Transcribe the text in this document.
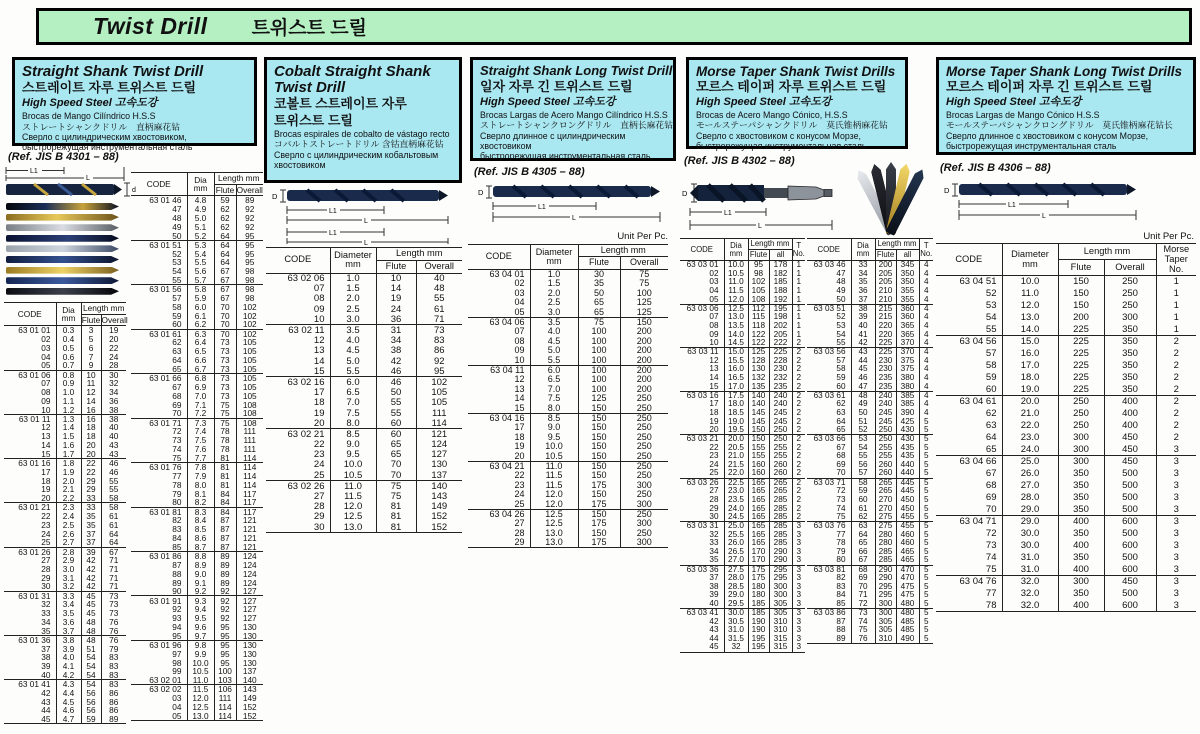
Twist Drill 트위스트 드릴
Straight Shank Twist Drill
스트레이트 자루 트위스트 드릴
High Speed Steel 고속도강
Brocas de Mango Cilíndrico H.S.S
ストレートシャンクドリル　直柄麻花钻
Сверло с цилиндрическим хвостовиком,
быстрорежущая инструментальная сталь
(Ref. JIS B 4301 – 88)
L1
L
d
CODE	Dia mm	Length mm	
		Flute	Overall
63 01 01	0.3	3	19
02	0.4	5	20
03	0.5	6	22
04	0.6	7	24
05	0.7	9	28
63 01 06	0.8	10	30
07	0.9	11	32
08	1.0	12	34
09	1.1	14	36
10	1.2	16	38
63 01 11	1.3	16	38
12	1.4	18	40
13	1.5	18	40
14	1.6	20	43
15	1.7	20	43
63 01 16	1.8	22	46
17	1.9	22	46
18	2.0	29	55
19	2.1	29	55
20	2.2	33	58
63 01 21	2.3	33	58
22	2.4	35	61
23	2.5	35	61
24	2.6	37	64
25	2.7	37	64
63 01 26	2.8	39	67
27	2.9	42	71
28	3.0	42	71
29	3.1	42	71
30	3.2	42	71
63 01 31	3.3	45	73
32	3.4	45	73
33	3.5	45	73
34	3.6	48	76
35	3.7	48	76
63 01 36	3.8	48	76
37	3.9	51	79
38	4.0	54	83
39	4.1	54	83
40	4.2	54	83
63 01 41	4.3	54	83
42	4.4	56	86
43	4.5	56	86
44	4.6	56	86
45	4.7	59	89
CODE	Dia mm	Length mm	
		Flute	Overall
63 01 46	4.8	59	89
47	4.9	62	92
48	5.0	62	92
49	5.1	62	92
50	5.2	64	95
63 01 51	5.3	64	95
52	5.4	64	95
53	5.5	64	95
54	5.6	67	98
55	5.7	67	98
63 01 56	5.8	67	98
57	5.9	67	98
58	6.0	70	102
59	6.1	70	102
60	6.2	70	102
63 01 61	6.3	70	102
62	6.4	73	105
63	6.5	73	105
64	6.6	73	105
65	6.7	73	105
63 01 66	6.8	73	105
67	6.9	73	105
68	7.0	73	105
69	7.1	75	108
70	7.2	75	108
63 01 71	7.3	75	108
72	7.4	78	111
73	7.5	78	111
74	7.6	78	111
75	7.7	81	114
63 01 76	7.8	81	114
77	7.9	81	114
78	8.0	81	114
79	8.1	84	117
80	8.2	84	117
63 01 81	8.3	84	117
82	8.4	87	121
83	8.5	87	121
84	8.6	87	121
85	8.7	87	121
63 01 86	8.8	89	124
87	8.9	89	124
88	9.0	89	124
89	9.1	89	124
90	9.2	92	127
63 01 91	9.3	92	127
92	9.4	92	127
93	9.5	92	127
94	9.6	95	130
95	9.7	95	130
63 01 96	9.8	95	130
97	9.9	95	130
98	10.0	95	130
99	10.5	100	137
63 02 01	11.0	103	140
63 02 02	11.5	106	143
03	12.0	111	149
04	12.5	114	152
05	13.0	114	152
Cobalt Straight Shank
Twist Drill
코볼트 스트레이트 자루
트위스트 드릴
Brocas espirales de cobalto de vástago recto
コバルトストレートドリル 含钴直柄麻花钻
Сверло с цилиндрическим кобальтовым
хвостовиком
D
L1
L
L1
L
CODE	Diameter mm	Length mm	
		Flute	Overall
63 02 06	1.0	10	40
07	1.5	14	48
08	2.0	19	55
09	2.5	24	61
10	3.0	36	71
63 02 11	3.5	31	73
12	4.0	34	83
13	4.5	38	86
14	5.0	42	92
15	5.5	46	95
63 02 16	6.0	46	102
17	6.5	50	105
18	7.0	55	105
19	7.5	55	111
20	8.0	60	114
63 02 21	8.5	60	121
22	9.0	65	124
23	9.5	65	127
24	10.0	70	130
25	10.5	70	137
63 02 26	11.0	75	140
27	11.5	75	143
28	12.0	81	149
29	12.5	81	152
30	13.0	81	152
Straight Shank Long Twist Drill
일자 자루 긴 트위스트 드릴
High Speed Steel 고속도강
Brocas Largas de Acero Mango Cilíndrico H.S.S
ストレートシャンクロングドリル　直柄长麻花钻
Сверло длинное с цилиндрическим
хвостовиком
быстрорежущая инструментальная сталь
(Ref. JIS B 4305 – 88)
D
L1
L
Unit Per Pc.
CODE	Diameter mm	Length mm	
		Flute	Overall
63 04 01	1.0	30	75
02	1.5	35	75
03	2.0	50	100
04	2.5	65	125
05	3.0	65	125
63 04 06	3.5	75	150
07	4.0	100	200
08	4.5	100	200
09	5.0	100	200
10	5.5	100	200
63 04 11	6.0	100	200
12	6.5	100	200
13	7.0	100	200
14	7.5	125	250
15	8.0	150	250
63 04 16	8.5	150	250
17	9.0	150	250
18	9.5	150	250
19	10.0	150	250
20	10.5	150	250
63 04 21	11.0	150	250
22	11.5	150	250
23	11.5	175	300
24	12.0	150	250
25	12.0	175	300
63 04 26	12.5	150	250
27	12.5	175	300
28	13.0	150	250
29	13.0	175	300
Morse Taper Shank Twist Drills
모르스 테이퍼 자루 트위스트 드릴
High Speed Steel 고속도강
Brocas de Acero Mango Cónico, H.S.S
モールステーパシャンクドリル　莫氏锥柄麻花钻
Сверло с хвостовиком с конусом Морзе,
быстрорежущая инструментальная сталь
(Ref. JIS B 4302 – 88)
D
L1
L
CODE	Dia mm	Length mm		T No.
		Flute	all	
63 03 01	10.0	95	178	1
02	10.5	98	182	1
03	11.0	102	185	1
04	11.5	105	188	1
05	12.0	108	192	1
63 03 06	12.5	112	195	1
07	13.0	115	198	1
08	13.5	118	202	1
09	14.0	122	205	1
10	14.5	122	222	2
63 03 11	15.0	125	225	2
12	15.5	128	228	2
13	16.0	130	230	2
14	16.5	132	232	2
15	17.0	135	235	2
63 03 16	17.5	140	240	2
17	18.0	140	240	2
18	18.5	145	245	2
19	19.0	145	245	2
20	19.5	150	250	2
63 03 21	20.0	150	250	2
22	20.5	155	255	2
23	21.0	155	255	2
24	21.5	160	260	2
25	22.0	160	260	2
63 03 26	22.5	165	265	2
27	23.0	165	265	2
28	23.5	165	285	2
29	24.0	165	285	2
30	24.5	165	285	2
63 03 31	25.0	165	285	3
32	25.5	165	285	3
33	26.0	165	285	3
34	26.5	170	290	3
35	27.0	170	290	3
63 03 36	27.5	175	295	3
37	28.0	175	295	3
38	28.5	180	300	3
39	29.0	180	300	3
40	29.5	185	305	3
63 03 41	30.0	185	305	3
42	30.5	190	310	3
43	31.0	190	310	3
44	31.5	195	315	3
45	32	195	315	3
CODE	Dia mm	Length mm		T No.
		Flute	all	
63 03 46	33	200	345	4
47	34	205	350	4
48	35	205	350	4
49	36	210	355	4
50	37	210	355	4
63 03 51	38	215	360	4
52	39	215	360	4
53	40	220	365	4
54	41	220	365	4
55	42	225	370	4
63 03 56	43	225	370	4
57	44	230	375	4
58	45	230	375	4
59	46	235	380	4
60	47	235	380	4
63 03 61	48	240	385	4
62	49	240	385	4
63	50	245	390	4
64	51	245	425	5
65	52	250	430	5
63 03 66	53	250	430	5
67	54	255	435	5
68	55	255	435	5
69	56	260	440	5
70	57	260	440	5
63 03 71	58	265	445	5
72	59	265	445	5
73	60	270	450	5
74	61	270	450	5
75	62	275	455	5
63 03 76	63	275	455	5
77	64	280	460	5
78	65	280	460	5
79	66	285	465	5
80	67	285	465	5
63 03 81	68	290	470	5
82	69	290	470	5
83	70	295	475	5
84	71	295	475	5
85	72	300	480	5
63 03 86	73	300	480	5
87	74	305	485	5
88	75	305	485	5
89	76	310	490	5
Morse Taper Shank Long Twist Drills
모르스 테이퍼 자루 긴 트위스트 드릴
High Speed Steel 고속도강
Brocas Largas de Mango Cónico H.S.S
モールステーパシャンクロングドリル　莫氏锥柄麻花钻长
Сверло длинное с хвостовиком с конусом Морзе,
быстрорежущая инструментальная сталь
(Ref. JIS B 4306 – 88)
D
L1
L
Unit Per Pc.
CODE	Diameter mm	Length mm		Morse Taper No.
		Flute	Overall	
63 04 51	10.0	150	250	1
52	11.0	150	250	1
53	12.0	150	250	1
54	13.0	200	300	1
55	14.0	225	350	1
63 04 56	15.0	225	350	2
57	16.0	225	350	2
58	17.0	225	350	2
59	18.0	225	350	2
60	19.0	225	350	2
63 04 61	20.0	250	400	2
62	21.0	250	400	2
63	22.0	250	400	2
64	23.0	300	450	2
65	24.0	300	450	3
63 04 66	25.0	300	450	3
67	26.0	350	500	3
68	27.0	350	500	3
69	28.0	350	500	3
70	29.0	350	500	3
63 04 71	29.0	400	600	3
72	30.0	350	500	3
73	30.0	400	600	3
74	31.0	350	500	3
75	31.0	400	600	3
63 04 76	32.0	300	450	3
77	32.0	350	500	3
78	32.0	400	600	3
